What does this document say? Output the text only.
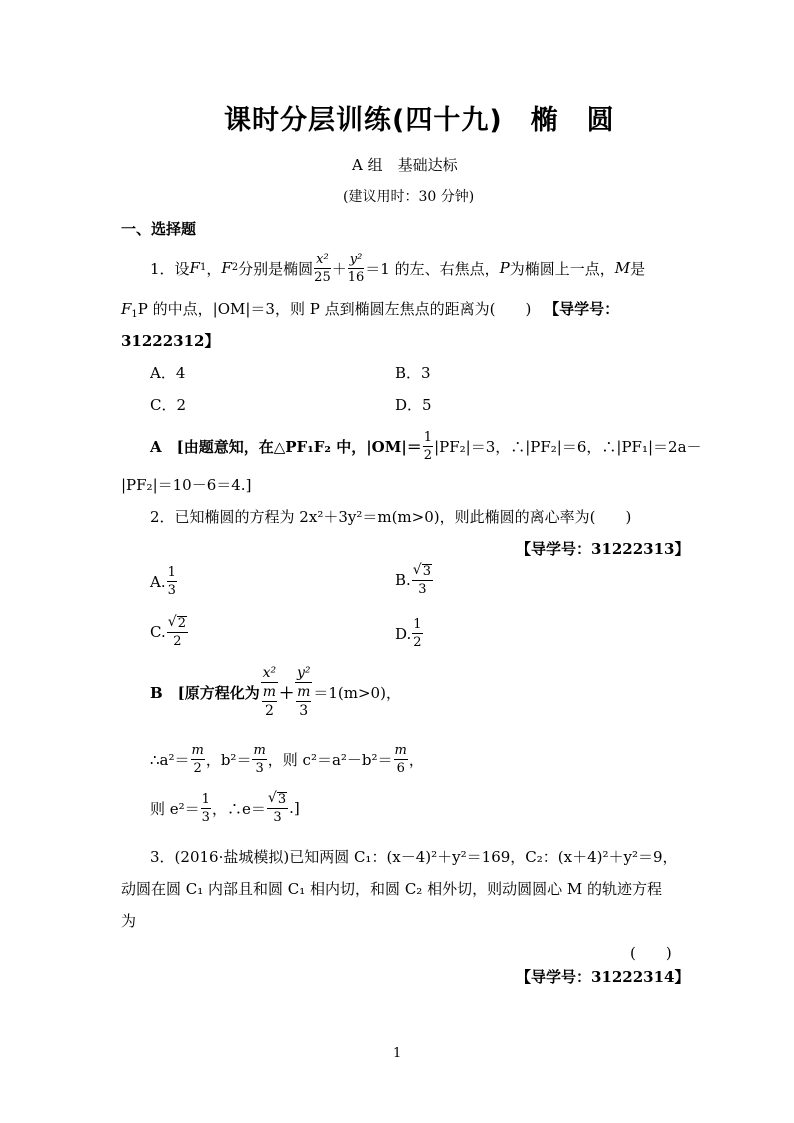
课时分层训练(四十九)　椭　圆
A 组　基础达标
(建议用时：30 分钟)
一、选择题
1．设 F 1 ， F 2 分别是椭圆 $\frac{\text{x²}}{25} + \frac{\text{y²}}{16} =1$ 的左、右焦点， P 为椭圆上一点， M 是
$F_1P$ 的中点，|OM|＝3，则 P 点到椭圆左焦点的距离为(　　) 【导学号：
31222312】
A．4	B．3
C．2	D．5
A　[由题意知，在△PF₁F₂ 中，$|OM|= \frac{1}{2} |PF_2|=3$，∴|PF₂|＝6，∴|PF₁|＝2a－
|PF₂|＝10－6＝4.]
2．已知椭圆的方程为 2x²＋3y²＝m(m>0)，则此椭圆的离心率为(　　)
【导学号：31222313】
A. $\frac{1}{3}$	B. √ $\frac{3}{3}$
C. √ $\frac{2}{2}$	D. $\frac{1}{2}$
B　[原方程化为 $\frac{\text{x²}}{\frac{m}{2}} + \frac{\text{y²}}{\frac{m}{3}} =1(m>0)$，
∴a²＝ $\frac{m}{2}$ ，$b^2= \frac{m}{3}$ ，则 $c^2=a^2-b^2= \frac{m}{6}$ ，
则 $e^2= \frac{1}{3}$ ，∴e＝ √ $\frac{3}{3}$ .]
3．(2016·盐城模拟)已知两圆 C₁：(x－4)²＋y²＝169，C₂：(x＋4)²＋y²＝9，
动圆在圆 C₁ 内部且和圆 C₁ 相内切，和圆 C₂ 相外切，则动圆圆心 M 的轨迹方程
为
(　　)
【导学号：31222314】
1
